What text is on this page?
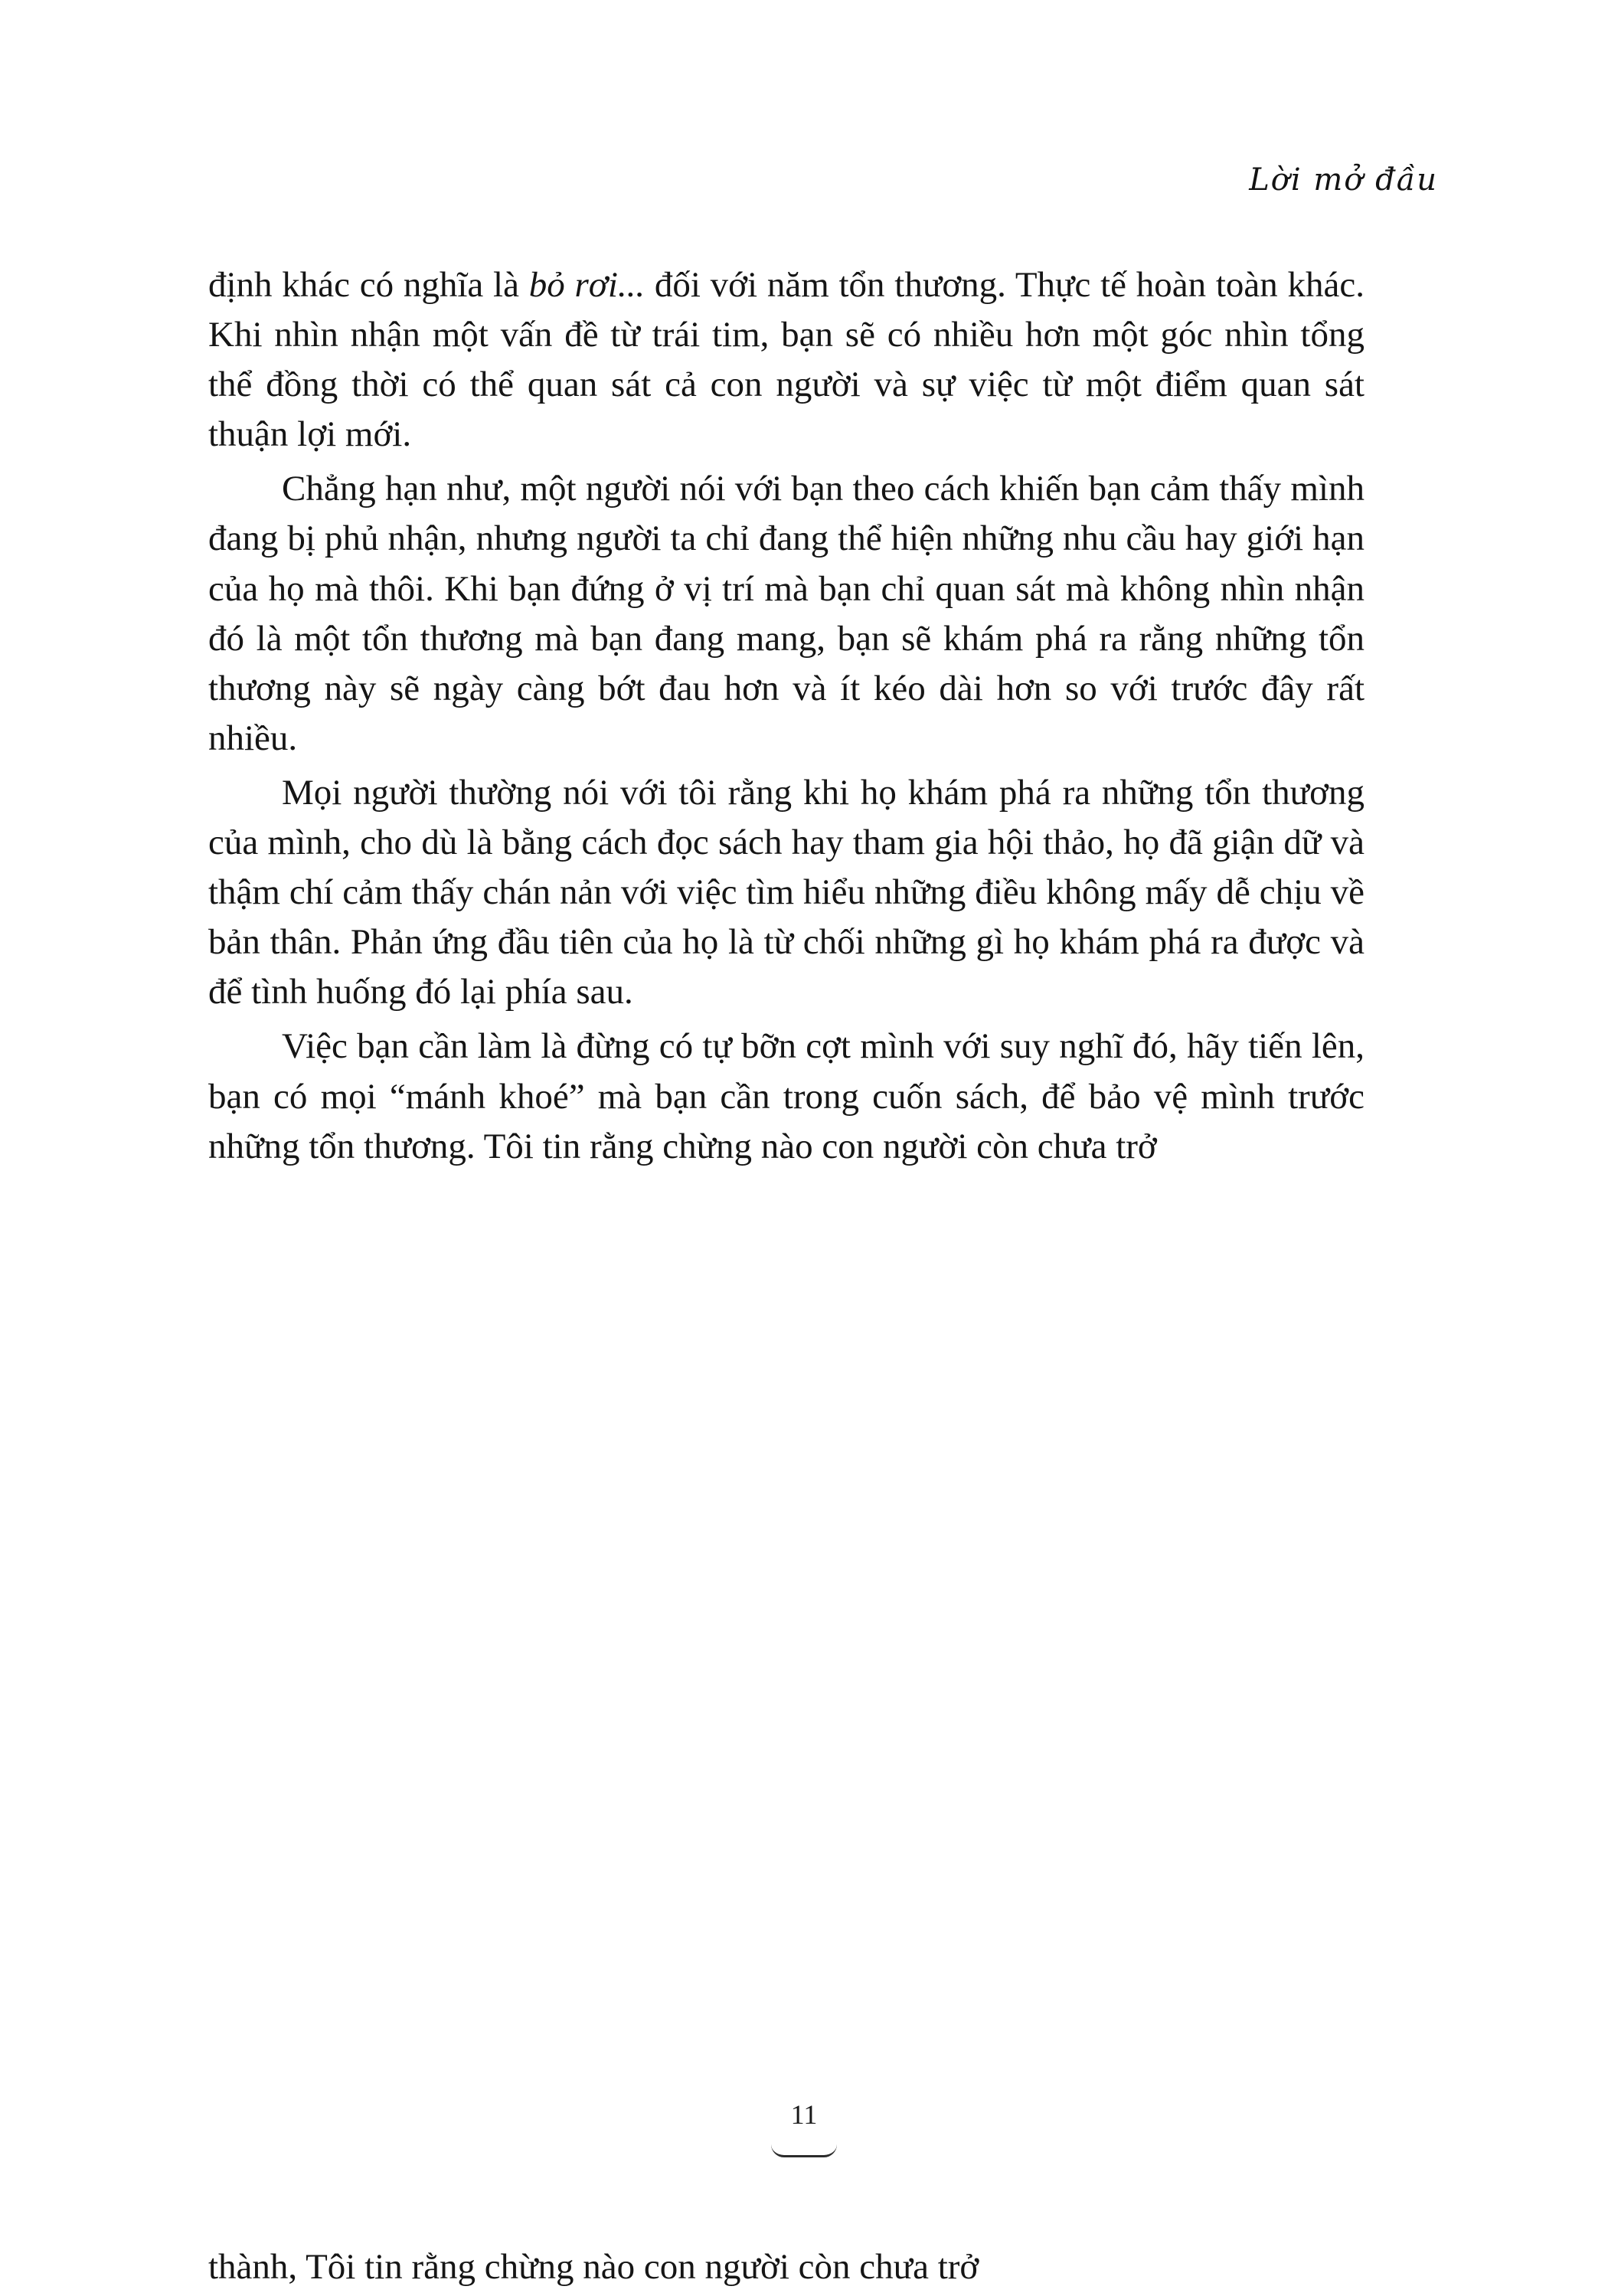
Lời mở đầu

định khác có nghĩa là bỏ rơi... đối với năm tổn thương. Thực tế hoàn toàn khác. Khi nhìn nhận một vấn đề từ trái tim, bạn sẽ có nhiều hơn một góc nhìn tổng thể đồng thời có thể quan sát cả con người và sự việc từ một điểm quan sát thuận lợi mới.

Chẳng hạn như, một người nói với bạn theo cách khiến bạn cảm thấy mình đang bị phủ nhận, nhưng người ta chỉ đang thể hiện những nhu cầu hay giới hạn của họ mà thôi. Khi bạn đứng ở vị trí mà bạn chỉ quan sát mà không nhìn nhận đó là một tổn thương mà bạn đang mang, bạn sẽ khám phá ra rằng những tổn thương này sẽ ngày càng bớt đau hơn và ít kéo dài hơn so với trước đây rất nhiều.

Mọi người thường nói với tôi rằng khi họ khám phá ra những tổn thương của mình, cho dù là bằng cách đọc sách hay tham gia hội thảo, họ đã giận dữ và thậm chí cảm thấy chán nản với việc tìm hiểu những điều không mấy dễ chịu về bản thân. Phản ứng đầu tiên của họ là từ chối những gì họ khám phá ra được và để tình huống đó lại phía sau.

Việc bạn cần làm là đừng có tự bỡn cợt mình với suy nghĩ đó, hãy tiến lên, bạn có mọi “mánh khoé” mà bạn cần trong cuốn sách, để bảo vệ mình trước những tổn thương. Tôi tin rằng chừng nào con người còn chưa trở

11
thành, Tôi tin rằng chừng nào con người còn chưa trở
